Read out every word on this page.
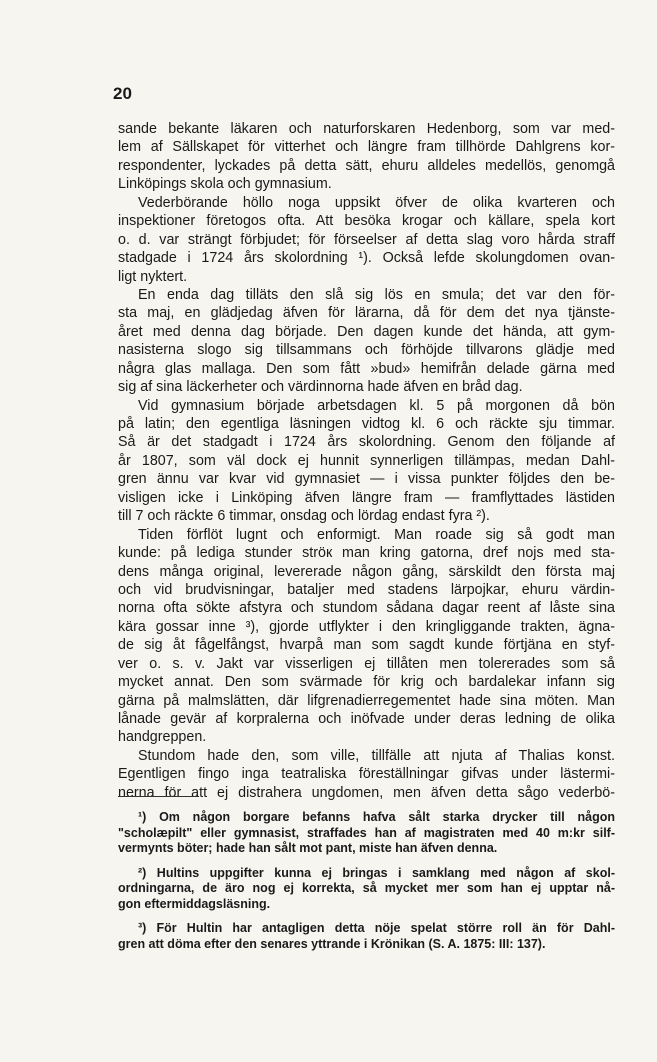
20
sande bekante läkaren och naturforskaren Hedenborg, som var med-
lem af Sällskapet för vitterhet och längre fram tillhörde Dahlgrens kor-
respondenter, lyckades på detta sätt, ehuru alldeles medellös, genomgå
Linköpings skola och gymnasium.
Vederbörande höllo noga uppsikt öfver de olika kvarteren och
inspektioner företogos ofta. Att besöka krogar och källare, spela kort
o. d. var strängt förbjudet; för förseelser af detta slag voro hårda straff
stadgade i 1724 års skolordning ¹). Också lefde skolungdomen ovan-
ligt nyktert.
En enda dag tilläts den slå sig lös en smula; det var den för-
sta maj, en glädjedag äfven för lärarna, då för dem det nya tjänste-
året med denna dag började. Den dagen kunde det hända, att gym-
nasisterna slogo sig tillsammans och förhöjde tillvarons glädje med
några glas mallaga. Den som fått »bud» hemifrån delade gärna med
sig af sina läckerheter och värdinnorna hade äfven en bråd dag.
Vid gymnasium började arbetsdagen kl. 5 på morgonen då bön
på latin; den egentliga läsningen vidtog kl. 6 och räckte sju timmar.
Så är det stadgadt i 1724 års skolordning. Genom den följande af
år 1807, som väl dock ej hunnit synnerligen tillämpas, medan Dahl-
gren ännu var kvar vid gymnasiet — i vissa punkter följdes den be-
visligen icke i Linköping äfven längre fram — framflyttades lästiden
till 7 och räckte 6 timmar, onsdag och lördag endast fyra ²).
Tiden förflöt lugnt och enformigt. Man roade sig så godt man
kunde: på lediga stunder ströк man kring gatorna, dref nojs med sta-
dens många original, levererade någon gång, särskildt den första maj
och vid brudvisningar, bataljer med stadens lärpojkar, ehuru värdin-
norna ofta sökte afstyra och stundom sådana dagar reent af låste sina
kära gossar inne ³), gjorde utflykter i den kringliggande trakten, ägna-
de sig åt fågelfångst, hvarpå man som sagdt kunde förtjäna en styf-
ver o. s. v. Jakt var visserligen ej tillåten men tolererades som så
mycket annat. Den som svärmade för krig och bardalekar infann sig
gärna på malmslätten, där lifgrenadierregementet hade sina möten. Man
lånade gevär af korpralerna och inöfvade under deras ledning de olika
handgreppen.
Stundom hade den, som ville, tillfälle att njuta af Thalias konst.
Egentligen fingo inga teatraliska föreställningar gifvas under lästermi-
nerna för att ej distrahera ungdomen, men äfven detta sågo vederbö-
¹) Om någon borgare befanns hafva sålt starka drycker till någon
"scholæpilt" eller gymnasist, straffades han af magistraten med 40 m:kr silf-
vermynts böter; hade han sålt mot pant, miste han äfven denna.
²) Hultins uppgifter kunna ej bringas i samklang med någon af skol-
ordningarna, de äro nog ej korrekta, så mycket mer som han ej upptar nå-
gon eftermiddagsläsning.
³) För Hultin har antagligen detta nöje spelat större roll än för Dahl-
gren att döma efter den senares yttrande i Krönikan (S. A. 1875: III: 137).
